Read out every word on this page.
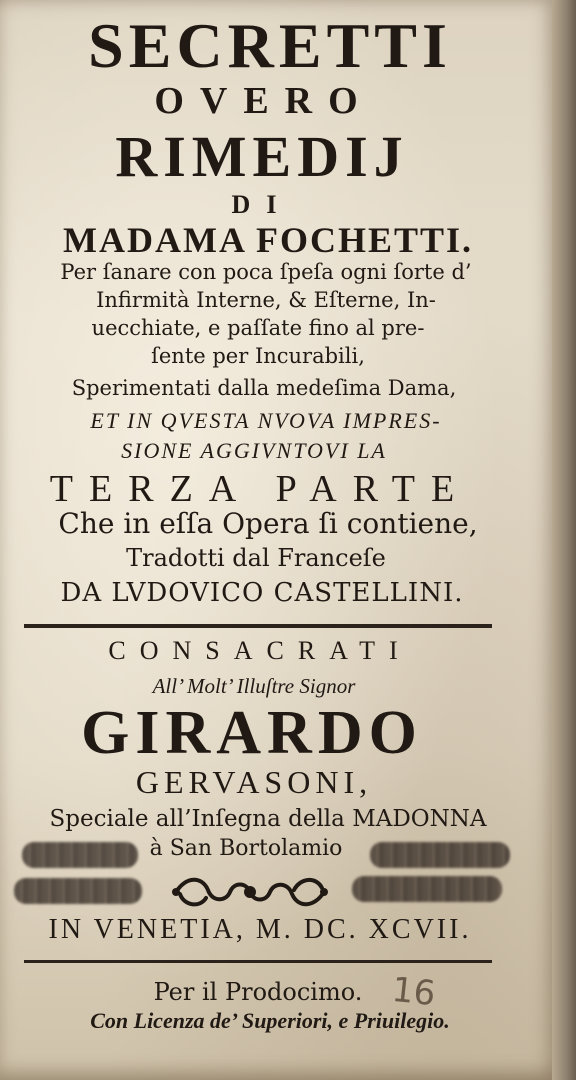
SECRETTI
OVERO
RIMEDIJ
DI
MADAMA FOCHETTI.
Per ſanare con poca ſpeſa ogni ſorte d’
Infirmità Interne, & Eſterne, In-
uecchiate, e paſſate fino al pre-
ſente per Incurabili,
Sperimentati dalla medeſima Dama,
ET IN QVESTA NVOVA IMPRES-
SIONE AGGIVNTOVI LA
TERZA PARTE
Che in eſſa Opera ſi contiene,
Tradotti dal Franceſe
DA LVDOVICO CASTELLINI.
CONSACRATI
All’ Molt’ Illuſtre Signor
GIRARDO
GERVASONI,
Speciale all’Inſegna della MADONNA
à San Bortolamio
IN VENETIA, M. DC. XCVII.
Per il Prodocimo. 16
Con Licenza de’ Superiori, e Priuilegio.
